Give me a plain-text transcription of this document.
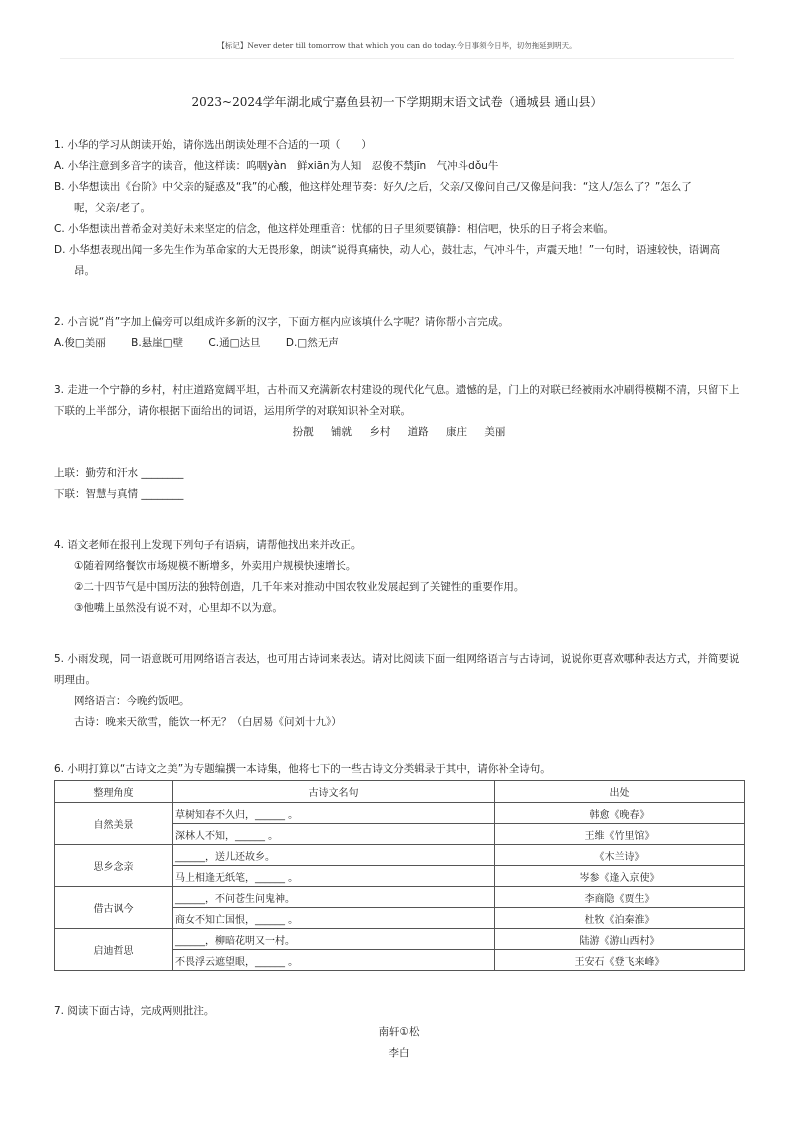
【标记】Never deter till tomorrow that which you can do today.今日事须今日毕，切勿拖延到明天。
2023~2024学年湖北咸宁嘉鱼县初一下学期期末语文试卷（通城县 通山县）
1. 小华的学习从朗读开始，请你选出朗读处理不合适的一项（　　）
A. 小华注意到多音字的读音，他这样读：呜咽yàn　鲜xiān为人知　忍俊不禁jīn　气冲斗dǒu牛
B. 小华想读出《台阶》中父亲的疑惑及“我”的心酸，他这样处理节奏：好久/之后，父亲/又像问自己/又像是问我：“这人/怎么了？”怎么了
呢，父亲/老了。
C. 小华想读出普希金对美好未来坚定的信念，他这样处理重音：忧郁的日子里须要镇静：相信吧，快乐的日子将会来临。
D. 小华想表现出闻一多先生作为革命家的大无畏形象，朗读“说得真痛快，动人心，鼓壮志，气冲斗牛，声震天地！”一句时，语速较快，语调高
昂。
2. 小言说“肖”字加上偏旁可以组成许多新的汉字，下面方框内应该填什么字呢？请你帮小言完成。
A.俊□美丽 B.悬崖□壁 C.通□达旦 D.□然无声
3. 走进一个宁静的乡村，村庄道路宽阔平坦，古朴而又充满新农村建设的现代化气息。遗憾的是，门上的对联已经被雨水冲刷得模糊不清，只留下上
下联的上半部分，请你根据下面给出的词语，运用所学的对联知识补全对联。
扮靓 铺就 乡村 道路 康庄 美丽
上联：勤劳和汗水 ________
下联：智慧与真情 ________
4. 语文老师在报刊上发现下列句子有语病，请帮他找出来并改正。
①随着网络餐饮市场规模不断增多，外卖用户规模快速增长。
②二十四节气是中国历法的独特创造，几千年来对推动中国农牧业发展起到了关键性的重要作用。
③他嘴上虽然没有说不对，心里却不以为意。
5. 小雨发现，同一语意既可用网络语言表达，也可用古诗词来表达。请对比阅读下面一组网络语言与古诗词，说说你更喜欢哪种表达方式，并简要说
明理由。
网络语言：今晚约饭吧。
古诗：晚来天欲雪，能饮一杯无？（白居易《问刘十九》）
6. 小明打算以“古诗文之美”为专题编撰一本诗集，他将七下的一些古诗文分类辑录于其中，请你补全诗句。
整理角度	古诗文名句	出处
自然美景	草树知春不久归，______ 。	韩愈《晚春》
	深林人不知，______ 。	王维《竹里馆》
思乡念亲	______，送儿还故乡。	《木兰诗》
	马上相逢无纸笔，______ 。	岑参《逢入京使》
借古讽今	______，不问苍生问鬼神。	李商隐《贾生》
	商女不知亡国恨，______ 。	杜牧《泊秦淮》
启迪哲思	______，柳暗花明又一村。	陆游《游山西村》
	不畏浮云遮望眼，______ 。	王安石《登飞来峰》
7. 阅读下面古诗，完成两则批注。
南轩①松
李白
